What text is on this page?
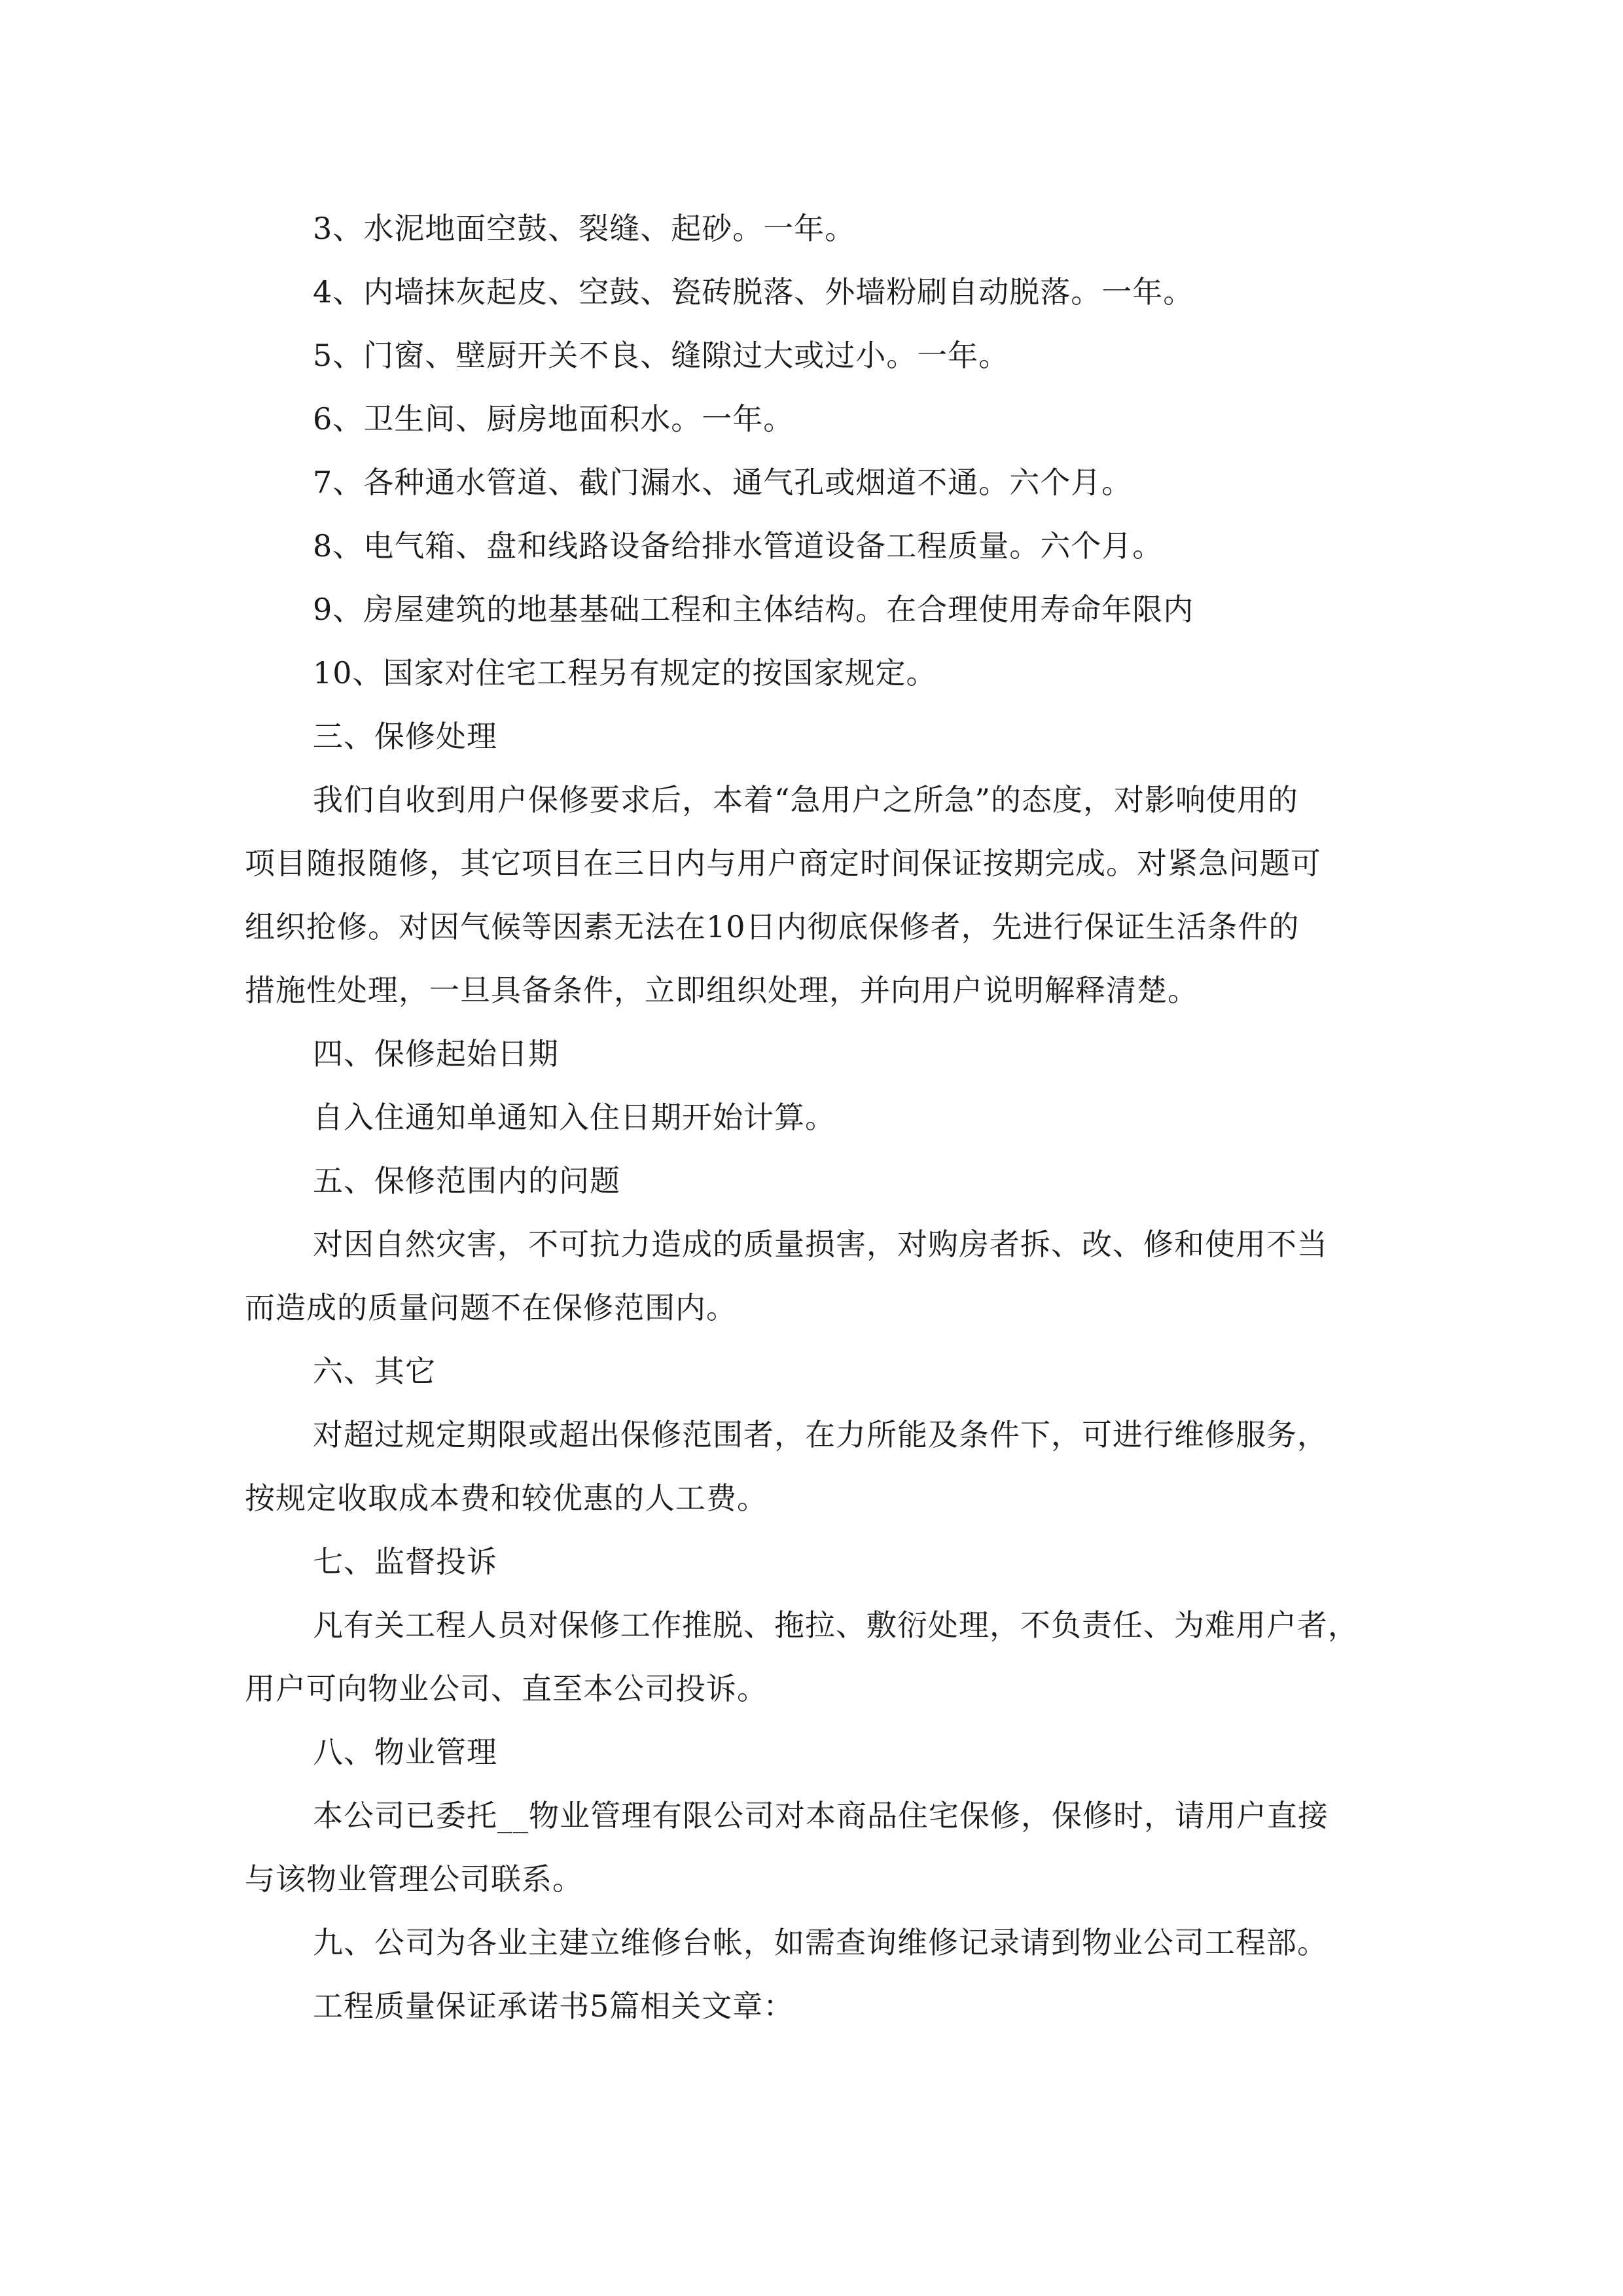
3、水泥地面空鼓、裂缝、起砂。一年。
4、内墙抹灰起皮、空鼓、瓷砖脱落、外墙粉刷自动脱落。一年。
5、门窗、壁厨开关不良、缝隙过大或过小。一年。
6、卫生间、厨房地面积水。一年。
7、各种通水管道、截门漏水、通气孔或烟道不通。六个月。
8、电气箱、盘和线路设备给排水管道设备工程质量。六个月。
9、房屋建筑的地基基础工程和主体结构。在合理使用寿命年限内
10、国家对住宅工程另有规定的按国家规定。
三、保修处理
我们自收到用户保修要求后，本着“急用户之所急”的态度，对影响使用的
项目随报随修，其它项目在三日内与用户商定时间保证按期完成。对紧急问题可
组织抢修。对因气候等因素无法在10日内彻底保修者，先进行保证生活条件的
措施性处理，一旦具备条件，立即组织处理，并向用户说明解释清楚。
四、保修起始日期
自入住通知单通知入住日期开始计算。
五、保修范围内的问题
对因自然灾害，不可抗力造成的质量损害，对购房者拆、改、修和使用不当
而造成的质量问题不在保修范围内。
六、其它
对超过规定期限或超出保修范围者，在力所能及条件下，可进行维修服务，
按规定收取成本费和较优惠的人工费。
七、监督投诉
凡有关工程人员对保修工作推脱、拖拉、敷衍处理，不负责任、为难用户者，
用户可向物业公司、直至本公司投诉。
八、物业管理
本公司已委托__物业管理有限公司对本商品住宅保修，保修时，请用户直接
与该物业管理公司联系。
九、公司为各业主建立维修台帐，如需查询维修记录请到物业公司工程部。
工程质量保证承诺书5篇相关文章：
